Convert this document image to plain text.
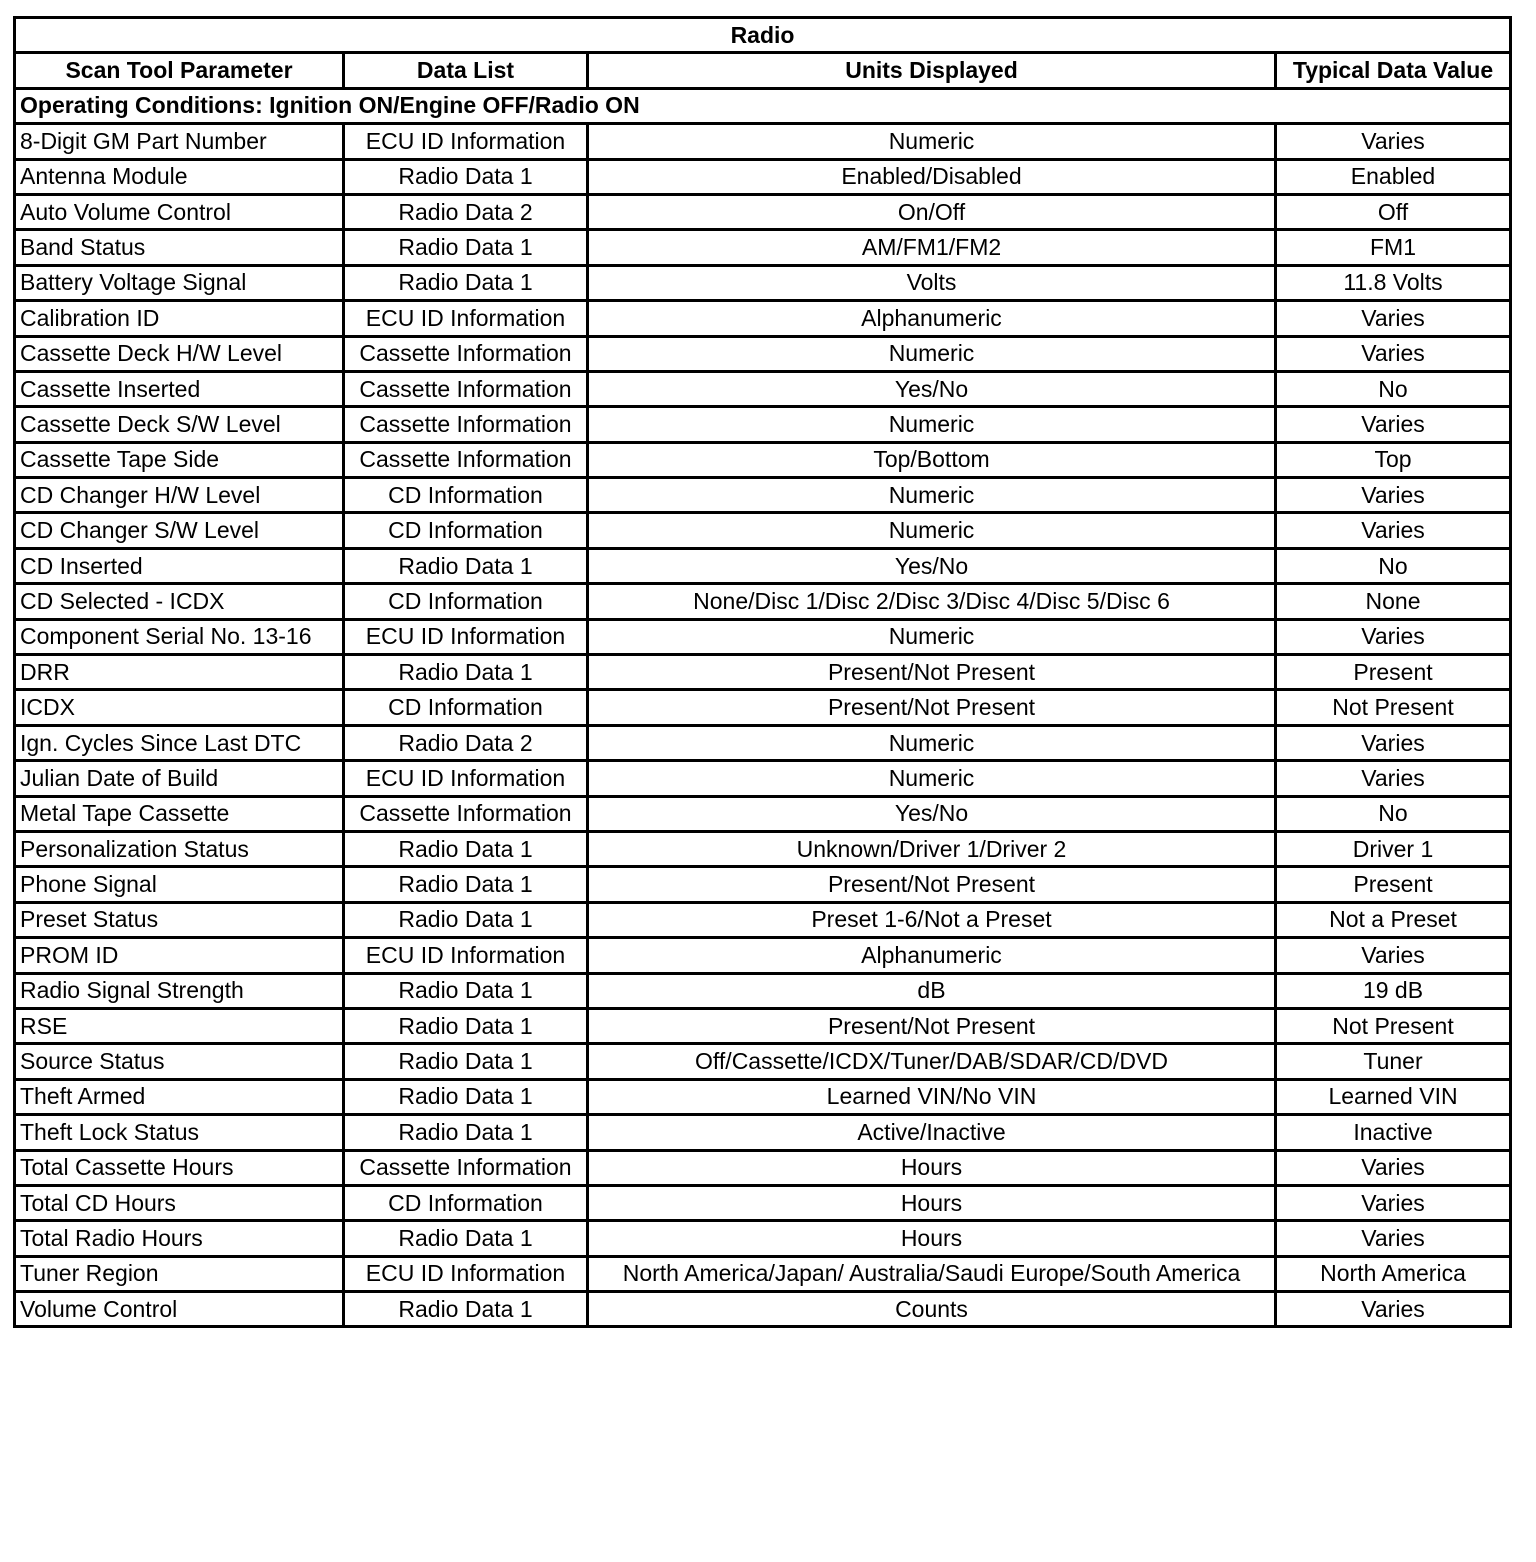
Radio			
Scan Tool Parameter	Data List	Units Displayed	Typical Data Value
Operating Conditions: Ignition ON/Engine OFF/Radio ON			
8-Digit GM Part Number	ECU ID Information	Numeric	Varies
Antenna Module	Radio Data 1	Enabled/Disabled	Enabled
Auto Volume Control	Radio Data 2	On/Off	Off
Band Status	Radio Data 1	AM/FM1/FM2	FM1
Battery Voltage Signal	Radio Data 1	Volts	11.8 Volts
Calibration ID	ECU ID Information	Alphanumeric	Varies
Cassette Deck H/W Level	Cassette Information	Numeric	Varies
Cassette Inserted	Cassette Information	Yes/No	No
Cassette Deck S/W Level	Cassette Information	Numeric	Varies
Cassette Tape Side	Cassette Information	Top/Bottom	Top
CD Changer H/W Level	CD Information	Numeric	Varies
CD Changer S/W Level	CD Information	Numeric	Varies
CD Inserted	Radio Data 1	Yes/No	No
CD Selected - ICDX	CD Information	None/Disc 1/Disc 2/Disc 3/Disc 4/Disc 5/Disc 6	None
Component Serial No. 13-16	ECU ID Information	Numeric	Varies
DRR	Radio Data 1	Present/Not Present	Present
ICDX	CD Information	Present/Not Present	Not Present
Ign. Cycles Since Last DTC	Radio Data 2	Numeric	Varies
Julian Date of Build	ECU ID Information	Numeric	Varies
Metal Tape Cassette	Cassette Information	Yes/No	No
Personalization Status	Radio Data 1	Unknown/Driver 1/Driver 2	Driver 1
Phone Signal	Radio Data 1	Present/Not Present	Present
Preset Status	Radio Data 1	Preset 1-6/Not a Preset	Not a Preset
PROM ID	ECU ID Information	Alphanumeric	Varies
Radio Signal Strength	Radio Data 1	dB	19 dB
RSE	Radio Data 1	Present/Not Present	Not Present
Source Status	Radio Data 1	Off/Cassette/ICDX/Tuner/DAB/SDAR/CD/DVD	Tuner
Theft Armed	Radio Data 1	Learned VIN/No VIN	Learned VIN
Theft Lock Status	Radio Data 1	Active/Inactive	Inactive
Total Cassette Hours	Cassette Information	Hours	Varies
Total CD Hours	CD Information	Hours	Varies
Total Radio Hours	Radio Data 1	Hours	Varies
Tuner Region	ECU ID Information	North America/Japan/ Australia/Saudi Europe/South America	North America
Volume Control	Radio Data 1	Counts	Varies
